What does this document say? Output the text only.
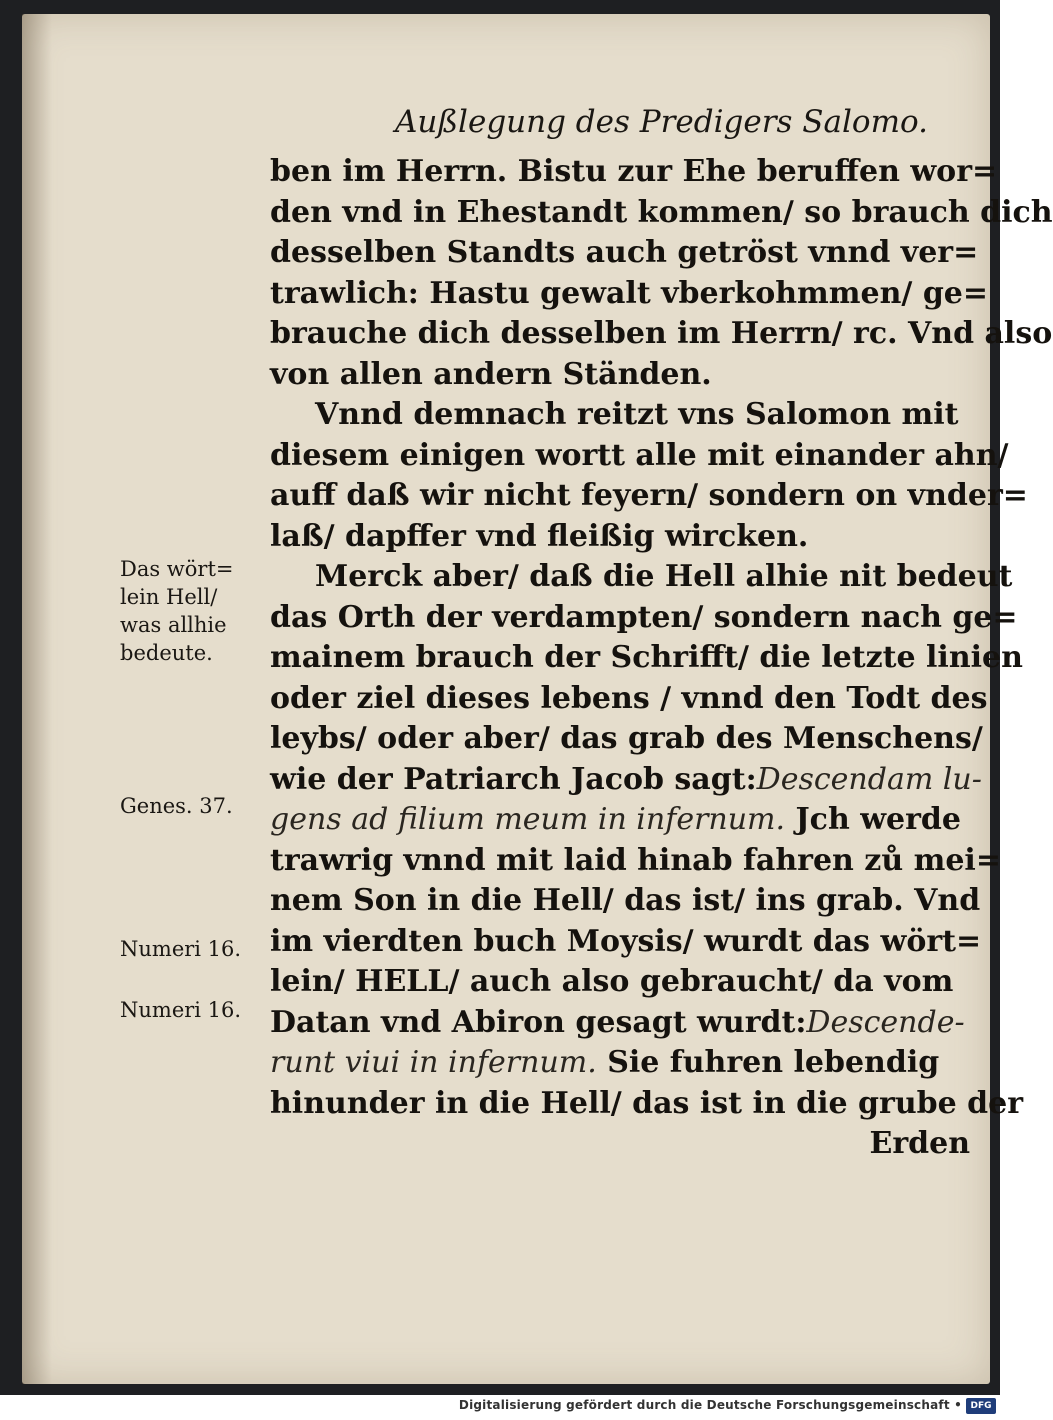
Außlegung des Predigers Salomo.
ben im Herrn. Bistu zur Ehe beruffen wor=
den vnd in Ehestandt kommen/ so brauch dich
desselben Standts auch getröst vnnd ver=
trawlich: Hastu gewalt vberkohmmen/ ge=
brauche dich desselben im Herrn/ rc. Vnd also
von allen andern Ständen.
Vnnd demnach reitzt vns Salomon mit
diesem einigen wortt alle mit einander ahn/
auff daß wir nicht feyern/ sondern on vnder=
laß/ dapffer vnd fleißig wircken.
Merck aber/ daß die Hell alhie nit bedeut
das Orth der verdampten/ sondern nach ge=
mainem brauch der Schrifft/ die letzte linien
oder ziel dieses lebens / vnnd den Todt des
leybs/ oder aber/ das grab des Menschens/
wie der Patriarch Jacob sagt:Descendam lu-
gens ad filium meum in infernum. Jch werde
trawrig vnnd mit laid hinab fahren zů mei=
nem Son in die Hell/ das ist/ ins grab. Vnd
im vierdten buch Moysis/ wurdt das wört=
lein/ HELL/ auch also gebraucht/ da vom
Datan vnd Abiron gesagt wurdt:Descende-
runt viui in infernum. Sie fuhren lebendig
hinunder in die Hell/ das ist in die grube der
Erden
Das wört=
lein Hell/
was allhie
bedeute.
Genes. 37.
Numeri 16.
Numeri 16.
Digitalisierung gefördert durch die Deutsche Forschungsgemeinschaft • DFG
